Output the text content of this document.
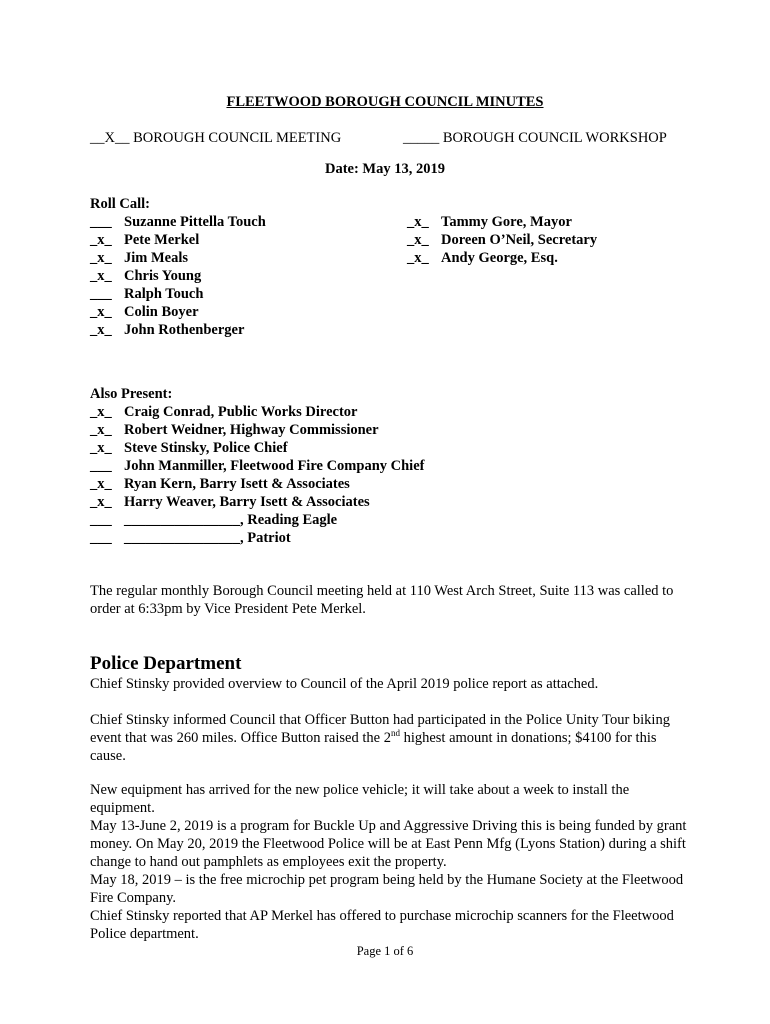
FLEETWOOD BOROUGH COUNCIL MINUTES
__X__ BOROUGH COUNCIL MEETING	_____ BOROUGH COUNCIL WORKSHOP
Date: May 13, 2019
Roll Call:
___ Suzanne Pittella Touch
_x_ Pete Merkel
_x_ Jim Meals
_x_ Chris Young
___ Ralph Touch
_x_ Colin Boyer
_x_ John Rothenberger
_x_ Tammy Gore, Mayor
_x_ Doreen O’Neil, Secretary
_x_ Andy George, Esq.
Also Present:
_x_ Craig Conrad, Public Works Director
_x_ Robert Weidner, Highway Commissioner
_x_ Steve Stinsky, Police Chief
___ John Manmiller, Fleetwood Fire Company Chief
_x_ Ryan Kern, Barry Isett & Associates
_x_ Harry Weaver, Barry Isett & Associates
___ ________________, Reading Eagle
___ ________________, Patriot
The regular monthly Borough Council meeting held at 110 West Arch Street, Suite 113 was called to order at 6:33pm by Vice President Pete Merkel.
Police Department
Chief Stinsky provided overview to Council of the April 2019 police report as attached.
Chief Stinsky informed Council that Officer Button had participated in the Police Unity Tour biking event that was 260 miles. Office Button raised the 2nd highest amount in donations; $4100 for this cause.
New equipment has arrived for the new police vehicle; it will take about a week to install the equipment.
May 13-June 2, 2019 is a program for Buckle Up and Aggressive Driving this is being funded by grant money. On May 20, 2019 the Fleetwood Police will be at East Penn Mfg (Lyons Station) during a shift change to hand out pamphlets as employees exit the property.
May 18, 2019 – is the free microchip pet program being held by the Humane Society at the Fleetwood Fire Company.
Chief Stinsky reported that AP Merkel has offered to purchase microchip scanners for the Fleetwood Police department.
Page 1 of 6
